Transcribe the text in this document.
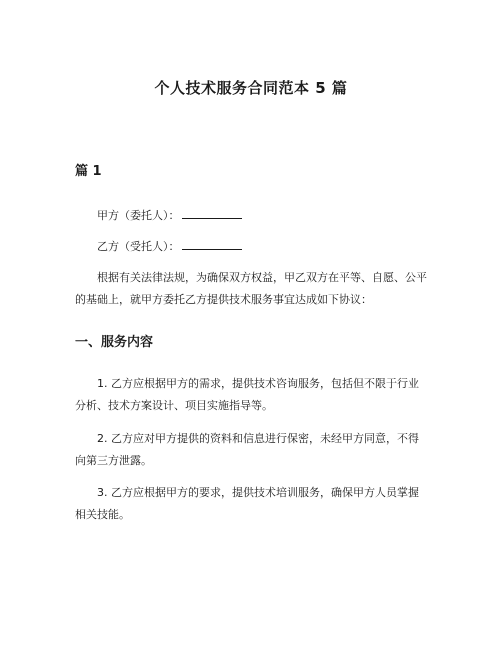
个人技术服务合同范本 5 篇
篇 1
甲方（委托人）：
乙方（受托人）：
根据有关法律法规，为确保双方权益，甲乙双方在平等、自愿、公平的基础上，就甲方委托乙方提供技术服务事宜达成如下协议：
一、服务内容
1. 乙方应根据甲方的需求，提供技术咨询服务，包括但不限于行业分析、技术方案设计、项目实施指导等。
2. 乙方应对甲方提供的资料和信息进行保密，未经甲方同意，不得向第三方泄露。
3. 乙方应根据甲方的要求，提供技术培训服务，确保甲方人员掌握相关技能。
